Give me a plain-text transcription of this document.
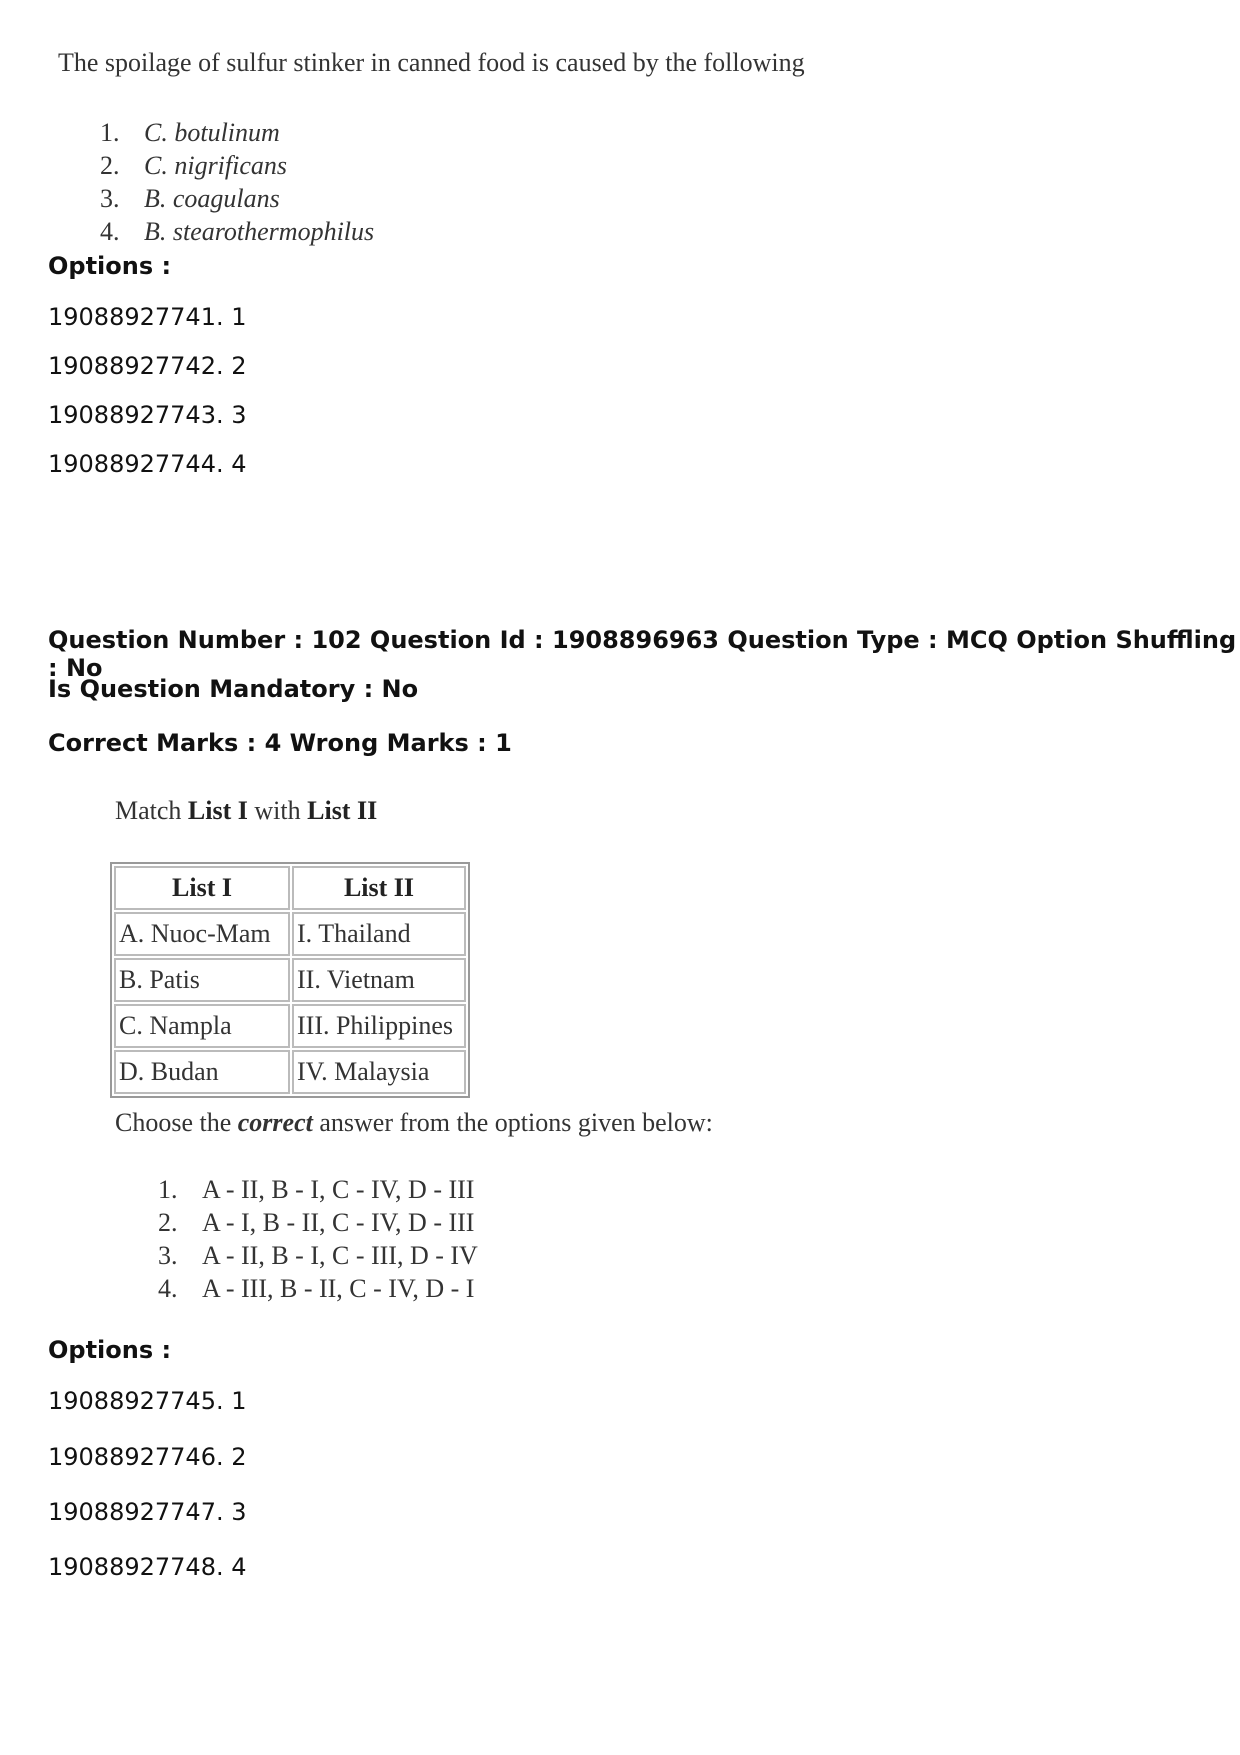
The spoilage of sulfur stinker in canned food is caused by the following
1. C. botulinum
2. C. nigrificans
3. B. coagulans
4. B. stearothermophilus
Options :
19088927741. 1
19088927742. 2
19088927743. 3
19088927744. 4
Question Number : 102 Question Id : 1908896963 Question Type : MCQ Option Shuffling : No
Is Question Mandatory : No
Correct Marks : 4 Wrong Marks : 1
Match List I with List II
List I	List II
A. Nuoc-Mam	I. Thailand
B. Patis	II. Vietnam
C. Nampla	III. Philippines
D. Budan	IV. Malaysia
Choose the correct answer from the options given below:
1. A - II, B - I, C - IV, D - III
2. A - I, B - II, C - IV, D - III
3. A - II, B - I, C - III, D - IV
4. A - III, B - II, C - IV, D - I
Options :
19088927745. 1
19088927746. 2
19088927747. 3
19088927748. 4
